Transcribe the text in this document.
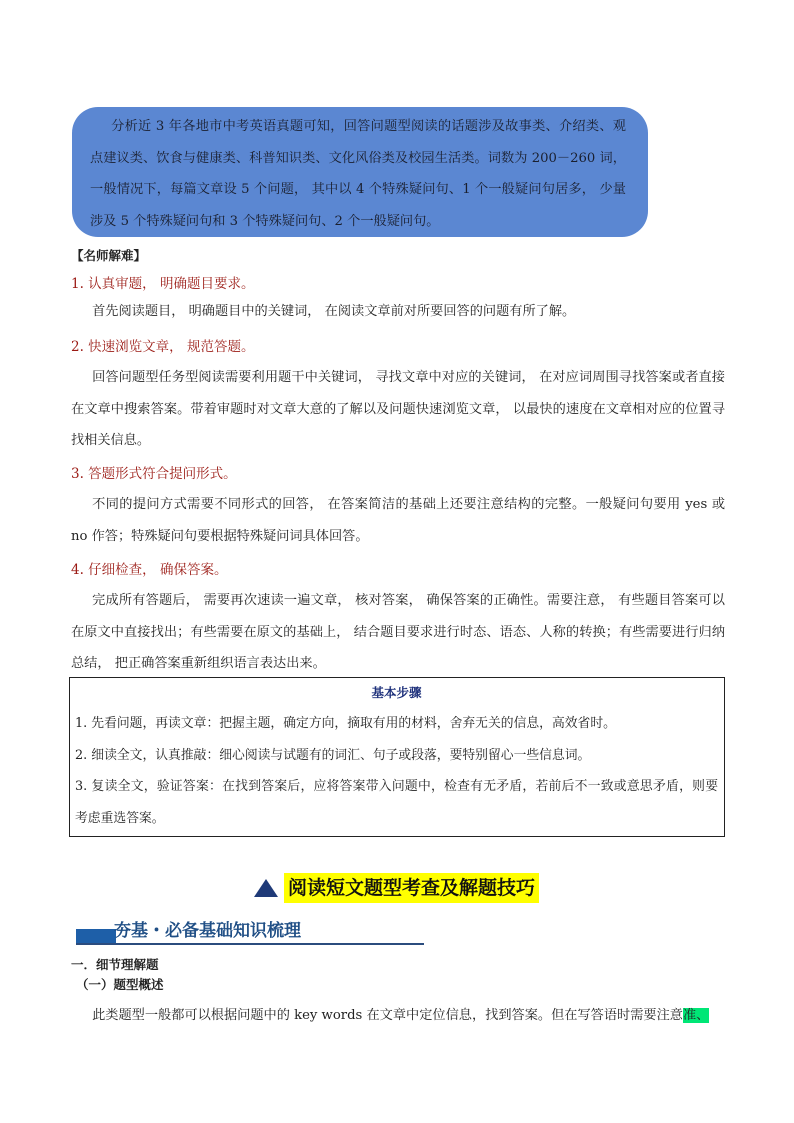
分析近 3 年各地市中考英语真题可知，回答问题型阅读的话题涉及故事类、介绍类、观点建议类、饮食与健康类、科普知识类、文化风俗类及校园生活类。词数为 200－260 词，一般情况下，每篇文章设 5 个问题， 其中以 4 个特殊疑问句、1 个一般疑问句居多， 少量涉及 5 个特殊疑问句和 3 个特殊疑问句、2 个一般疑问句。

【名师解难】
1. 认真审题， 明确题目要求。
首先阅读题目， 明确题目中的关键词， 在阅读文章前对所要回答的问题有所了解。
2. 快速浏览文章， 规范答题。
回答问题型任务型阅读需要利用题干中关键词， 寻找文章中对应的关键词， 在对应词周围寻找答案或者直接在文章中搜索答案。带着审题时对文章大意的了解以及问题快速浏览文章， 以最快的速度在文章相对应的位置寻找相关信息。
3. 答题形式符合提问形式。
不同的提问方式需要不同形式的回答， 在答案简洁的基础上还要注意结构的完整。一般疑问句要用 yes 或 no 作答；特殊疑问句要根据特殊疑问词具体回答。
4. 仔细检查， 确保答案。
完成所有答题后， 需要再次速读一遍文章， 核对答案， 确保答案的正确性。需要注意， 有些题目答案可以在原文中直接找出；有些需要在原文的基础上， 结合题目要求进行时态、语态、人称的转换；有些需要进行归纳总结， 把正确答案重新组织语言表达出来。
基本步骤

1. 先看问题，再读文章：把握主题，确定方向，摘取有用的材料，舍弃无关的信息，高效省时。

2. 细读全文，认真推敲：细心阅读与试题有的词汇、句子或段落，要特别留心一些信息词。

3. 复读全文，验证答案：在找到答案后，应将答案带入问题中，检查有无矛盾，若前后不一致或意思矛盾，则要考虑重选答案。

阅读短文题型考查及解题技巧
夯基・必备基础知识梳理
一．细节理解题
（一）题型概述
此类题型一般都可以根据问题中的 key words 在文章中定位信息，找到答案。但在写答语时需要注意准、
